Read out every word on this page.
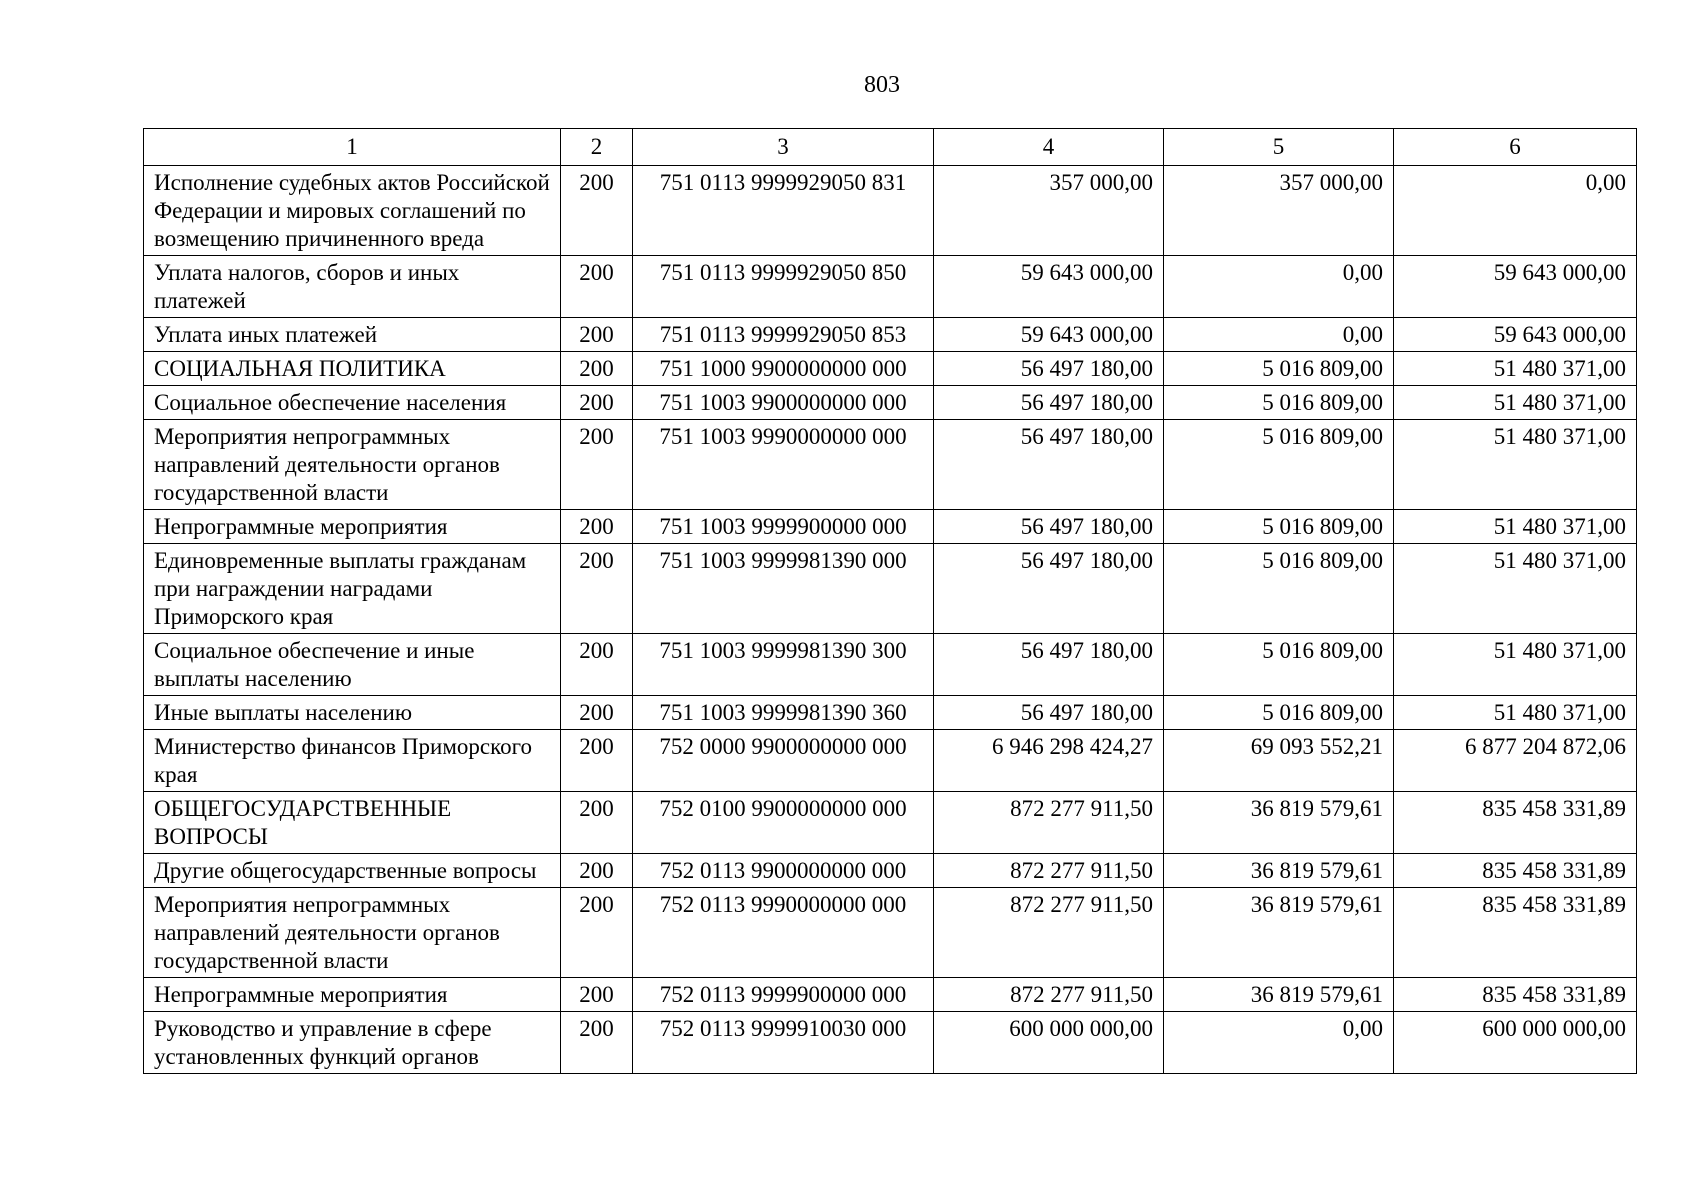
803
1	2	3	4	5	6
Исполнение судебных актов Российской Федерации и мировых соглашений по возмещению причиненного вреда	200	751 0113 9999929050 831	357 000,00	357 000,00	0,00
Уплата налогов, сборов и иных платежей	200	751 0113 9999929050 850	59 643 000,00	0,00	59 643 000,00
Уплата иных платежей	200	751 0113 9999929050 853	59 643 000,00	0,00	59 643 000,00
СОЦИАЛЬНАЯ ПОЛИТИКА	200	751 1000 9900000000 000	56 497 180,00	5 016 809,00	51 480 371,00
Социальное обеспечение населения	200	751 1003 9900000000 000	56 497 180,00	5 016 809,00	51 480 371,00
Мероприятия непрограммных направлений деятельности органов государственной власти	200	751 1003 9990000000 000	56 497 180,00	5 016 809,00	51 480 371,00
Непрограммные мероприятия	200	751 1003 9999900000 000	56 497 180,00	5 016 809,00	51 480 371,00
Единовременные выплаты гражданам при награждении наградами Приморского края	200	751 1003 9999981390 000	56 497 180,00	5 016 809,00	51 480 371,00
Социальное обеспечение и иные выплаты населению	200	751 1003 9999981390 300	56 497 180,00	5 016 809,00	51 480 371,00
Иные выплаты населению	200	751 1003 9999981390 360	56 497 180,00	5 016 809,00	51 480 371,00
Министерство финансов Приморского края	200	752 0000 9900000000 000	6 946 298 424,27	69 093 552,21	6 877 204 872,06
ОБЩЕГОСУДАРСТВЕННЫЕ ВОПРОСЫ	200	752 0100 9900000000 000	872 277 911,50	36 819 579,61	835 458 331,89
Другие общегосударственные вопросы	200	752 0113 9900000000 000	872 277 911,50	36 819 579,61	835 458 331,89
Мероприятия непрограммных направлений деятельности органов государственной власти	200	752 0113 9990000000 000	872 277 911,50	36 819 579,61	835 458 331,89
Непрограммные мероприятия	200	752 0113 9999900000 000	872 277 911,50	36 819 579,61	835 458 331,89
Руководство и управление в сфере установленных функций органов	200	752 0113 9999910030 000	600 000 000,00	0,00	600 000 000,00
